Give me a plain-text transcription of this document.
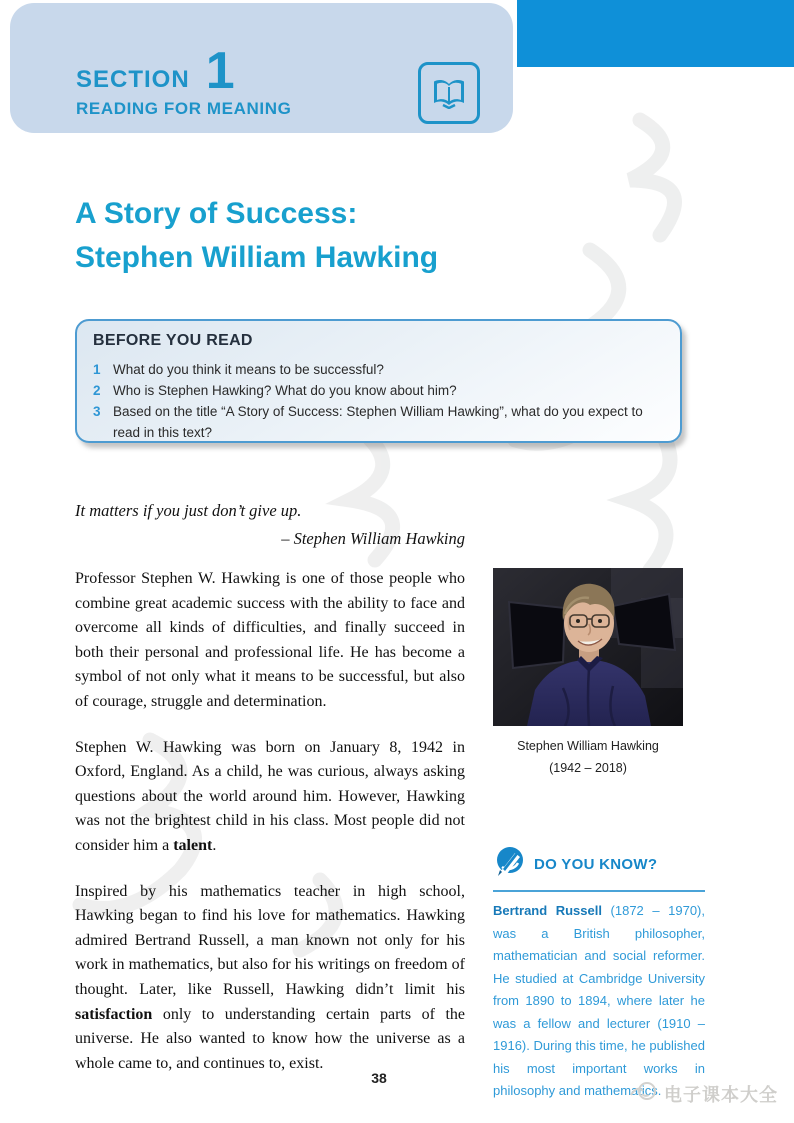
SECTION 1
READING FOR MEANING
A Story of Success:
Stephen William Hawking
BEFORE YOU READ
1 What do you think it means to be successful?
2 Who is Stephen Hawking? What do you know about him?
3 Based on the title “A Story of Success: Stephen William Hawking”, what do you expect to read in this text?
It matters if you just don’t give up.
– Stephen William Hawking

Professor Stephen W. Hawking is one of those people who combine great academic success with the ability to face and overcome all kinds of difficulties, and finally succeed in both their personal and professional life. He has become a symbol of not only what it means to be successful, but also of courage, struggle and determination.

Stephen W. Hawking was born on January 8, 1942 in Oxford, England. As a child, he was curious, always asking questions about the world around him. However, Hawking was not the brightest child in his class. Most people did not consider him a talent.

Inspired by his mathematics teacher in high school, Hawking began to find his love for mathematics. Hawking admired Bertrand Russell, a man known not only for his work in mathematics, but also for his writings on freedom of thought. Later, like Russell, Hawking didn’t limit his satisfaction only to understanding certain parts of the universe. He also wanted to know how the universe as a whole came to, and continues to, exist.

Stephen William Hawking
(1942 – 2018)
DO YOU KNOW?
Bertrand Russell (1872 – 1970), was a British philosopher, mathematician and social reformer. He studied at Cambridge University from 1890 to 1894, where later he was a fellow and lecturer (1910 – 1916). During this time, he published his most important works in philosophy and mathematics.
38
电子课本大全
